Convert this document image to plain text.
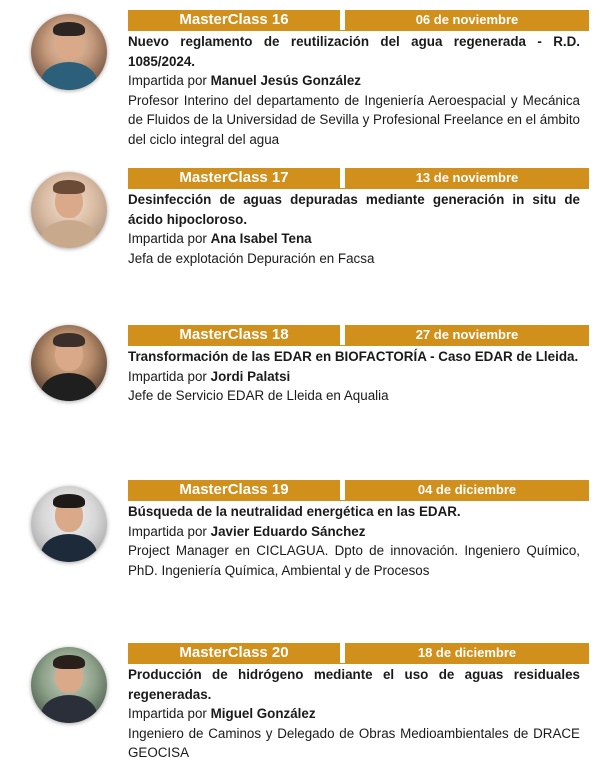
MasterClass 16	06 de noviembre

Nuevo reglamento de reutilización del agua regenerada - R.D. 1085/2024.

Impartida por Manuel Jesús González

Profesor Interino del departamento de Ingeniería Aeroespacial y Mecánica de Fluidos de la Universidad de Sevilla y Profesional Freelance en el ámbito del ciclo integral del agua

MasterClass 17	13 de noviembre

Desinfección de aguas depuradas mediante generación in situ de ácido hipocloroso.

Impartida por Ana Isabel Tena

Jefa de explotación Depuración en Facsa

MasterClass 18	27 de noviembre

Transformación de las EDAR en BIOFACTORÍA - Caso EDAR de Lleida.

Impartida por Jordi Palatsi

Jefe de Servicio EDAR de Lleida en Aqualia

MasterClass 19	04 de diciembre

Búsqueda de la neutralidad energética en las EDAR.

Impartida por Javier Eduardo Sánchez

Project Manager en CICLAGUA. Dpto de innovación. Ingeniero Químico, PhD. Ingeniería Química, Ambiental y de Procesos

MasterClass 20	18 de diciembre

Producción de hidrógeno mediante el uso de aguas residuales regeneradas.

Impartida por Miguel González

Ingeniero de Caminos y Delegado de Obras Medioambientales de DRACE GEOCISA
